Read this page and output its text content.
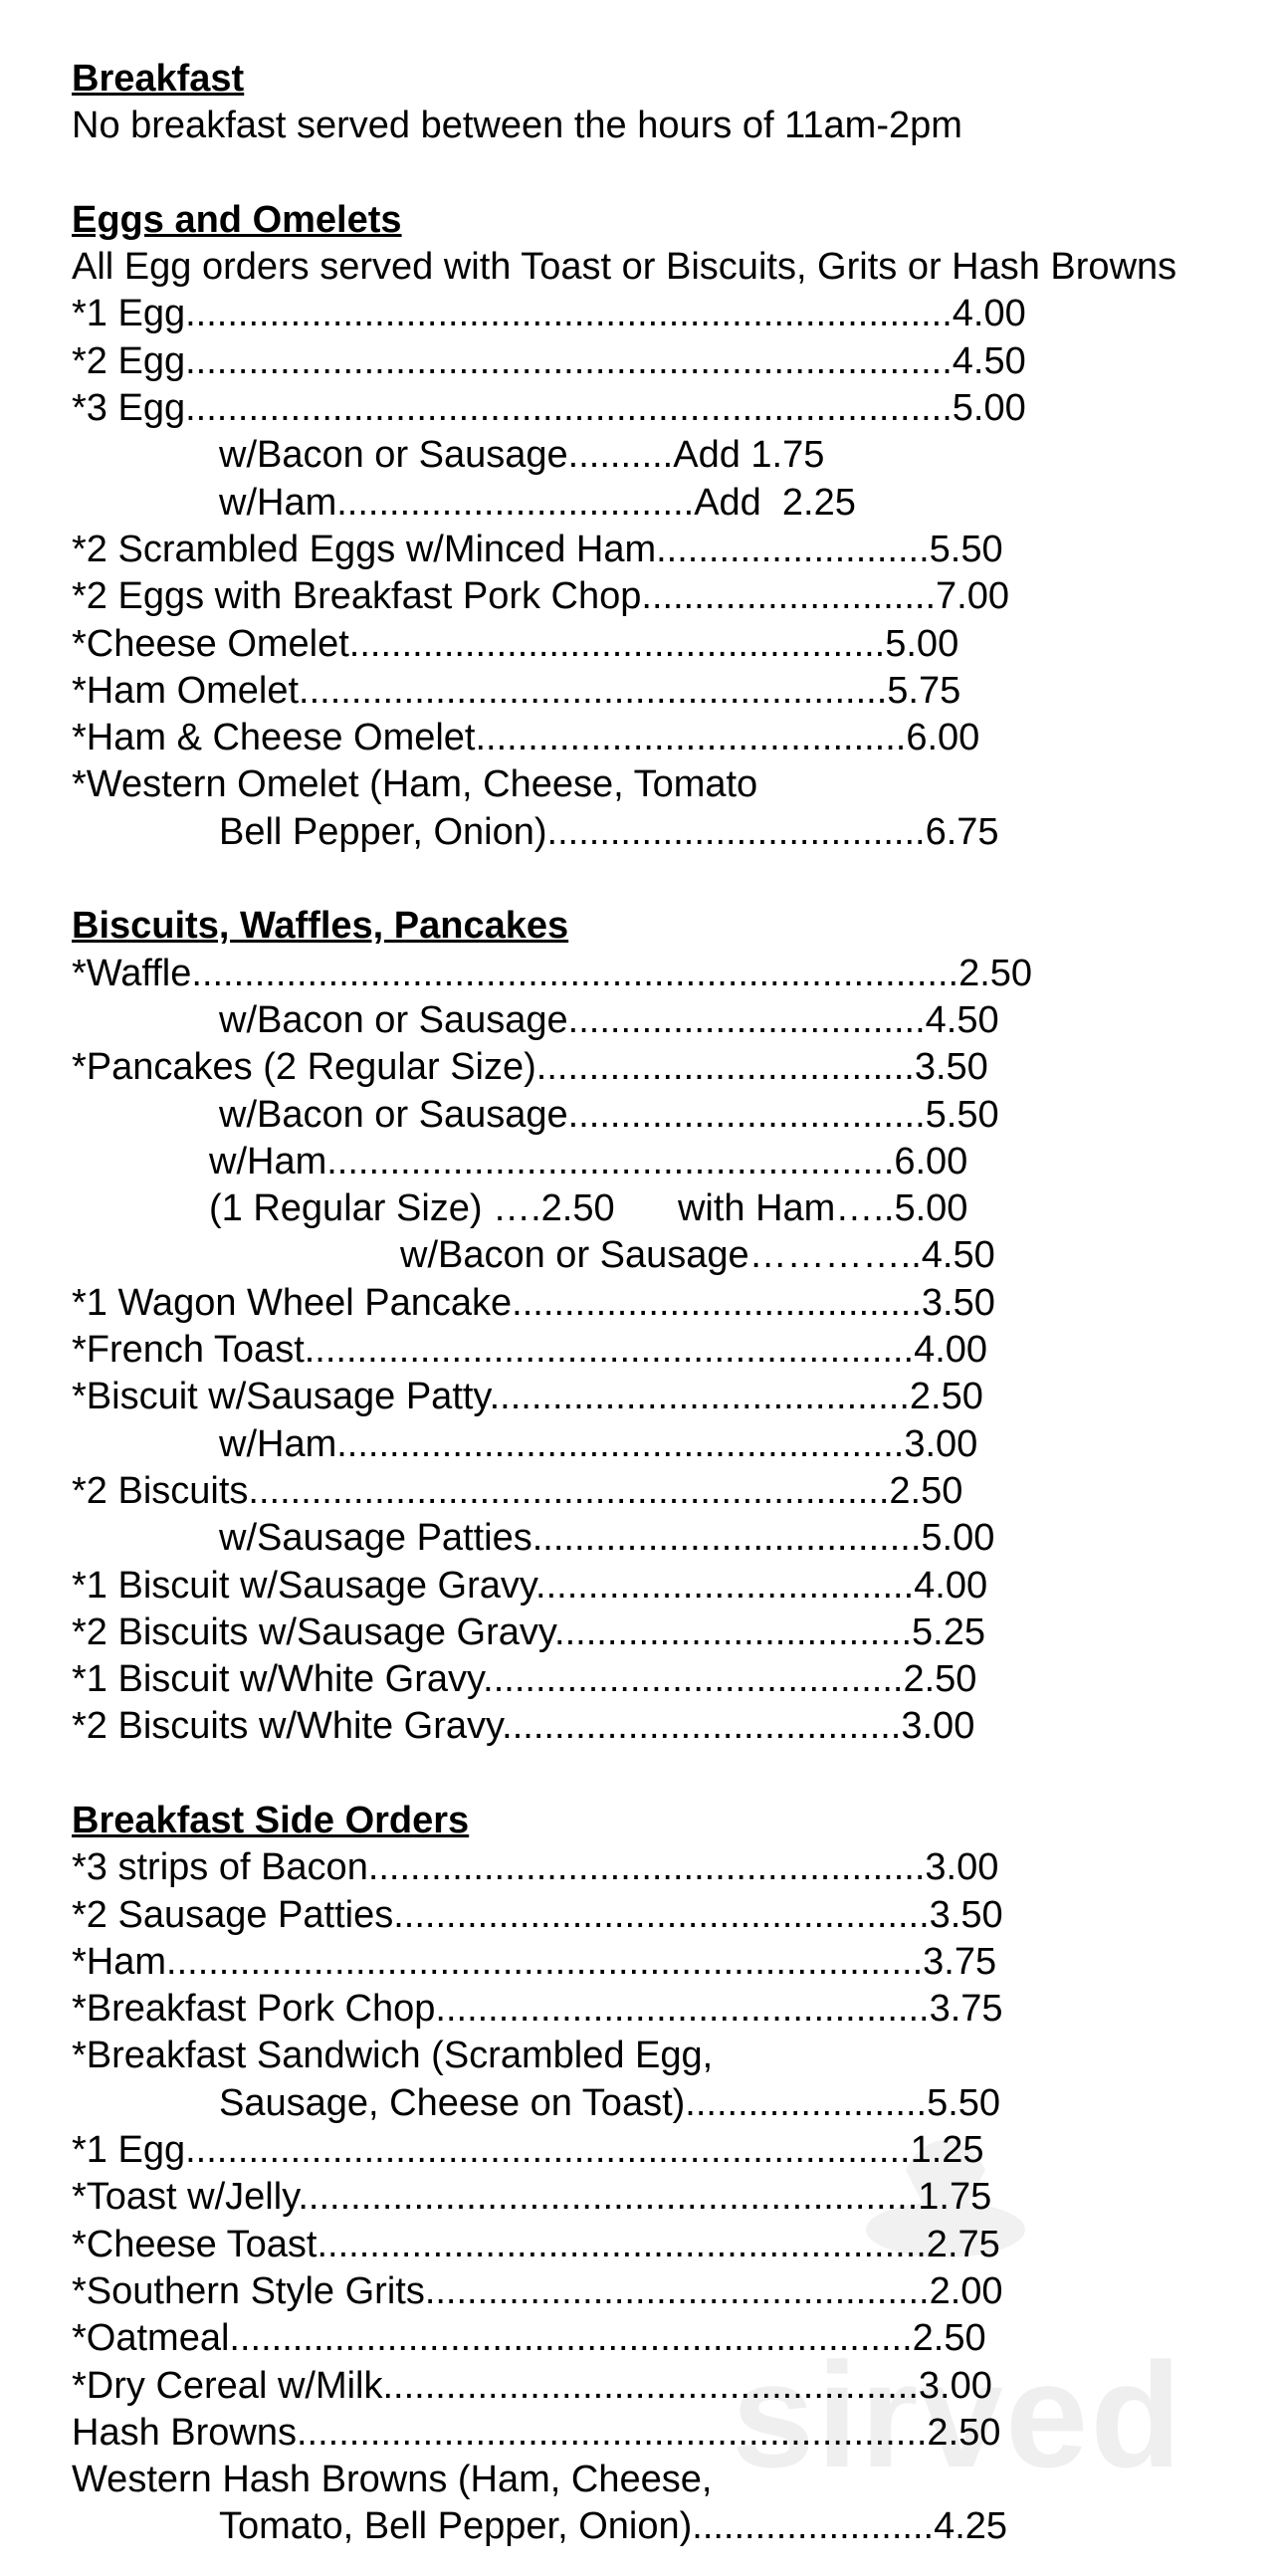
Breakfast
No breakfast served between the hours of 11am-2pm
Eggs and Omelets
All Egg orders served with Toast or Biscuits, Grits or Hash Browns
*1 Egg.........................................................................4.00
*2 Egg.........................................................................4.50
*3 Egg.........................................................................5.00
w/Bacon or Sausage..........Add 1.75
w/Ham..................................Add  2.25
*2 Scrambled Eggs w/Minced Ham..........................5.50
*2 Eggs with Breakfast Pork Chop............................7.00
*Cheese Omelet...................................................5.00
*Ham Omelet........................................................5.75
*Ham & Cheese Omelet.........................................6.00
*Western Omelet (Ham, Cheese, Tomato
Bell Pepper, Onion)....................................6.75
Biscuits, Waffles, Pancakes
*Waffle.........................................................................2.50
w/Bacon or Sausage..................................4.50
*Pancakes (2 Regular Size)....................................3.50
w/Bacon or Sausage..................................5.50
w/Ham......................................................6.00
(1 Regular Size) ….2.50      with Ham…..5.00
w/Bacon or Sausage…………..4.50
*1 Wagon Wheel Pancake.......................................3.50
*French Toast..........................................................4.00
*Biscuit w/Sausage Patty........................................2.50
w/Ham......................................................3.00
*2 Biscuits.............................................................2.50
w/Sausage Patties.....................................5.00
*1 Biscuit w/Sausage Gravy....................................4.00
*2 Biscuits w/Sausage Gravy..................................5.25
*1 Biscuit w/White Gravy........................................2.50
*2 Biscuits w/White Gravy......................................3.00
Breakfast Side Orders
*3 strips of Bacon.....................................................3.00
*2 Sausage Patties...................................................3.50
*Ham........................................................................3.75
*Breakfast Pork Chop...............................................3.75
*Breakfast Sandwich (Scrambled Egg,
Sausage, Cheese on Toast).......................5.50
*1 Egg.....................................................................1.25
*Toast w/Jelly...........................................................1.75
*Cheese Toast..........................................................2.75
*Southern Style Grits................................................2.00
*Oatmeal.................................................................2.50
*Dry Cereal w/Milk...................................................3.00
Hash Browns............................................................2.50
Western Hash Browns (Ham, Cheese,
Tomato, Bell Pepper, Onion).......................4.25
sirved
